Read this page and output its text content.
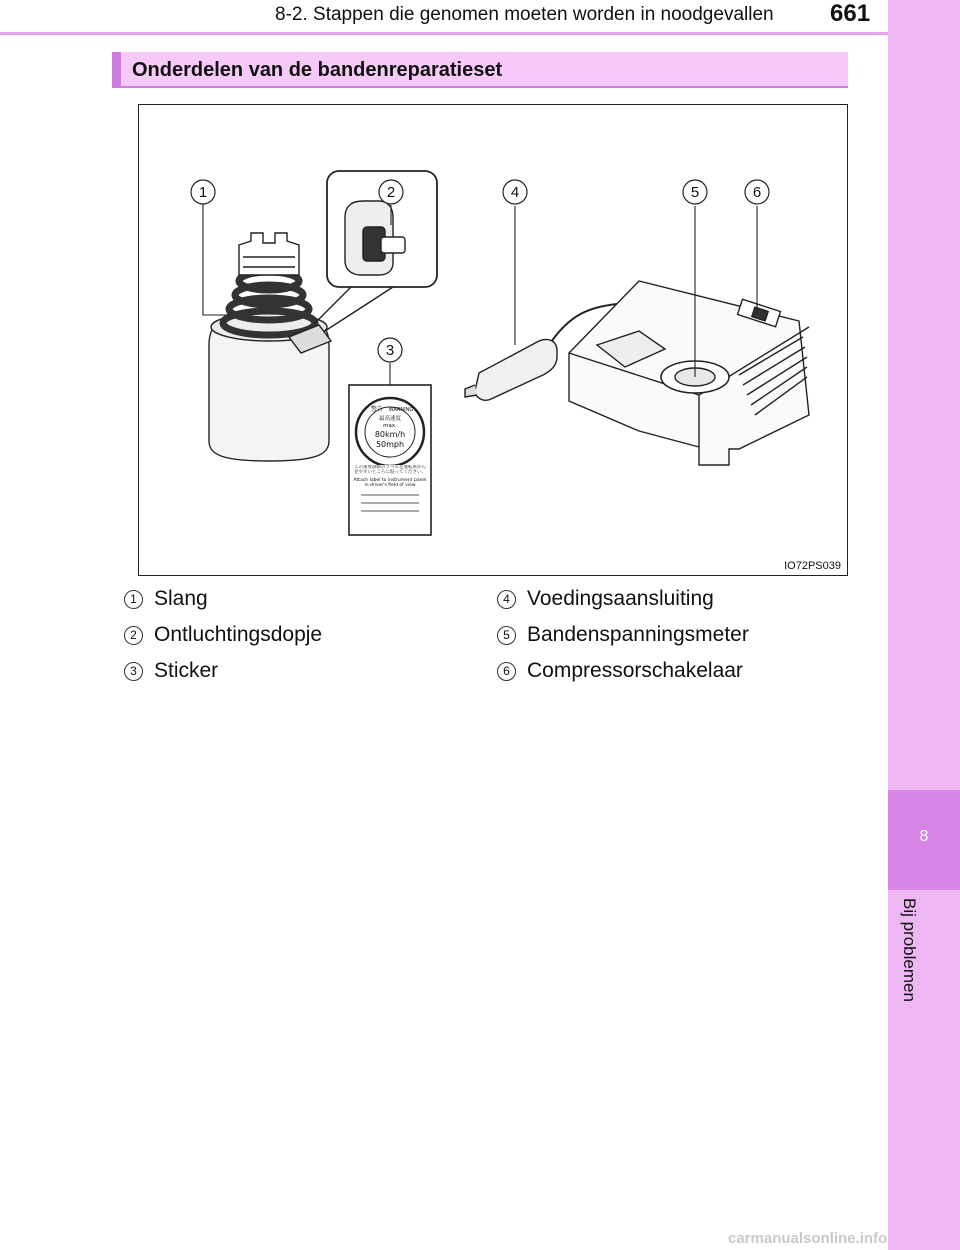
8-2. Stappen die genomen moeten worden in noodgevallen 661
8
Bij problemen
Onderdelen van de bandenreparatieset
1	2
3
4	5	6
警告 WARNING
最高速度
max.
80km/h
50mph
この速度制限のラベルを運転席から見やすいところに貼ってください。
Attach label to instrument panel in driver's field of view
IO72PS039
1 Slang
2 Ontluchtingsdopje
3 Sticker
4 Voedingsaansluiting
5 Bandenspanningsmeter
6 Compressorschakelaar
carmanualsonline.info
